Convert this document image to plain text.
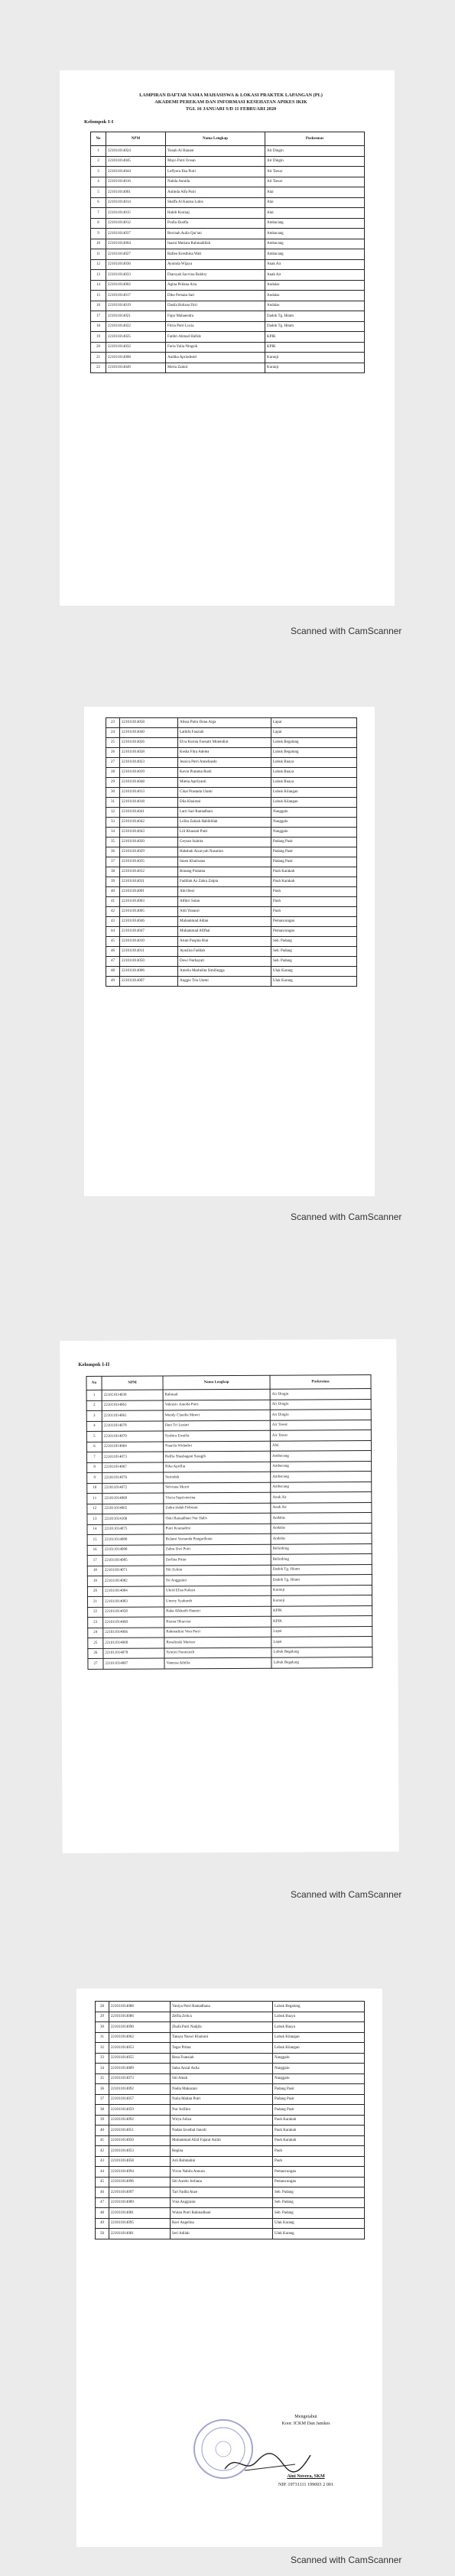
LAMPIRAN DAFTAR NAMA MAHASISWA & LOKASI PRAKTEK LAPANGAN (PL)
AKADEMI PEREKAM DAN INFORMASI KESEHATAN APIKES IKIK
TGL 16 JANUARI S/D 11 FEBRUARI 2020
Kelompok I-I
No	NPM	Nama Lengkap	Puskesmas
1	221011014024	Yunah Al Hanani	Air Dingin
2	221011014045	Mayo Putri Ocean	Air Dingin
3	221011014044	Leffyera Eka Putri	Air Tawar
4	221011014016	Nabila Annida	Air Tawar
5	221011014001	Aulinda Alfa Putri	Alai
6	221011014014	Shaffa Al Kautsa Lubis	Alai
7	221011014015	Habib Kurniaj	Alai
8	221011014012	Prafia Ekstfia	Ambacang
9	221011014037	Revinah Aulia Qur'ani	Ambacang
10	221011014004	Inasni Mutiara Rahmadillah	Ambacang
11	221011014027	Rafiee Kresthina Wati	Ambacang
12	221011014036	Ayuinda Wijaya	Anak Air
13	221011014033	Diarsyah Savvina Bukhry	Anak Air
14	221011014002	Agina Peliana Aria	Andalas
15	221011014017	Dike Pernata Sari	Andalas
16	221011014019	Dasila Rohzea Fitri	Andalas
17	221011014021	Fajar Mahaendra	Dadok Tg. Hitam
18	221011014022	Fitria Putri Lucia	Dadok Tg. Hitam
19	221011014025	Fatihri Ahmad Hafidz	KPIK
20	221011014032	Furia Yulia Ningsik	KPIK
21	221011014008	Andika Apriodestri	Kuranji
22	221011014049	Meria Zainol	Kuranji
Scanned with CamScanner
23	221011014058	Alissa Putra Dona Arga	Lapai
24	221011014040	Lathifa Fauziah	Lapai
25	221011014026	Elva Kurnia Faesatri Mutendiot	Lubuk Begalung
26	221011014028	Kesha Fitra Adelea	Lubuk Begalung
27	221011014023	Jessica Putri Anneliasdo	Lubuk Buaya
28	221011014039	Kevin Pratama Rusli	Lubuk Buaya
29	221011014048	Mietia Aprilyanti	Lubuk Buaya
30	221011014013	Cikai Prastada Utami	Lubuk Kilangan
31	221011014018	Dila Khairani	Lubuk Kilangan
32	221011014041	Latri Sari Ramadhani	Nanggalo
33	221011014042	Lolita Zakiah Habibillah	Nanggalo
34	221011014043	Lili Khasrati Putri	Nanggalo
35	221011014020	Geysan Sulnita	Padang Pasir
36	221011014029	Habsbah Aizavyah Nasution	Padang Pasir
37	221011014035	Innen Khairunas	Padang Pasir
38	221011014012	Bonang Pratama	Pauh Karakah
39	221011014031	Fadillah Az Zahra Zalpia	Pauh Karakah
40	221011014001	Abil Besr	Pauh
41	221011014003	Alfikri Sulan	Pauh
42	221011014005	Aldi Yunanri	Pauh
43	221011014046	Muhammad Adlan	Pemancungan
44	221011014047	Muhammad Afifhal	Pemancungan
45	221011014010	Arum Puspita Rini	Seb. Padang
46	221011014011	Ayuslira Fadilah	Seb. Padang
47	221011014050	Dewi Nurhayati	Seb. Padang
48	221011014006	Amelia Marbelita Similingga	Ulak Karang
49	221011014007	Anggie Tria Utami	Ulak Karang
Scanned with CamScanner
Kelompok I-II
No	NPM	Nama Lengkap	Puskesmas
1	221011014039	Rahmad	Air Dingin
2	221011014063	Valensiv Amoda Putri	Air Dingin
3	221011014061	Wendy Claudia Mawri	Air Dingin
4	221011014078	Ilani Tri Lestari	Air Tawar
5	221011014070	Syahira Ermilia	Air Tawar
6	221011014064	Nuarifa Widanbri	Alai
7	221011014073	Raffia Shasbagani Saragih	Ambacang
8	221011014067	Rika Aprillia	Ambacang
9	221011014076	Surindah	Ambacang
10	221011014072	Selviana Murni	Ambacang
11	221011014069	Viscia Septivenrina	Anak Air
12	221011014065	Zahra Indah Febriani	Anak Air
13	221011014100	Oski Ramadhani Nur Halis	Andalas
14	221011014075	Putri Kramadesi	Andalas
15	221011014080	Rulami Vernanda Pangaribuan	Andalas
16	221011014098	Zahra Dwi Putri	Belimbing
17	221011014085	Zerfina Priter	Belimbing
18	221011014071	Siti Zulnia	Dadok Tg. Hitam
19	221011014082	Sri Anggraini	Dadok Tg. Hitam
20	221011014084	Ukrid Elisa Kalaya	Kuranji
21	221011014083	Umroy Syaharah	Kuranji
22	221011014058	Raka Alkhatih Hanatri	KPIK
23	221011014060	Rizma Oktaviza	KPIK
24	221011014066	Rahmadiini Vera Putri	Lapai
25	221011014068	Rosalinski Marisar	Lapai
26	221011014079	Syntini Nuraizizih	Lubuk Begalung
27	221011014087	Vanessa Athilia	Lubuk Begalung
Scanned with CamScanner
28	221011014088	Vaniya Putri Ramadhana	Lubuk Begalung
29	221011014086	Zelfia Zelica	Lubuk Buaya
30	221011014090	Zhafa Putri Nadjila	Lubuk Buaya
31	221011014062	Tanaya Naswi Khairani	Lubuk Kilangan
32	221011014053	Tegar Prima	Lubuk Kilangan
33	221011014055	Reza Fransiah	Nanggalo
34	221011014089	Salsa Anzal Aulia	Nanggalo
35	221011014073	Siti Amah	Nanggalo
36	221011014092	Nadia Makazani	Padang Pasir
37	221011014057	Nalia Maltan Putri	Padang Pasir
38	221011014059	Nur Azfikin	Padang Pasir
39	221011014092	Wirya Juliza	Pauh Karakah
40	221011014051	Nadan Izvetbal Janodi	Pauh Karakah
41	221011014050	Mohammad Afzil Fajarat Aslim	Pauh Karakah
42	221011014053	Regina	Pauh
43	221011014058	Arii Rohmalini	Pauh
44	221011014094	Vivon Nabila Annura	Pemancungan
45	221011014096	Siti Aurelo Jorliana	Pemancungan
46	221011014097	Tari Fadila Anze	Seb. Padang
47	221011014089	Vina Anggraini	Seb. Padang
48	221011014081	Wulan Putri Rahmadhani	Seb. Padang
49	221011014095	Ravi Angelina	Ulak Karang
50	221011014081	Seri Adilah	Ulak Karang
Mengetahui
Koor. ICKM Dan Jamkes
Aini Novera, SKM
NIP. 19731111 199003 2 001
Scanned with CamScanner
